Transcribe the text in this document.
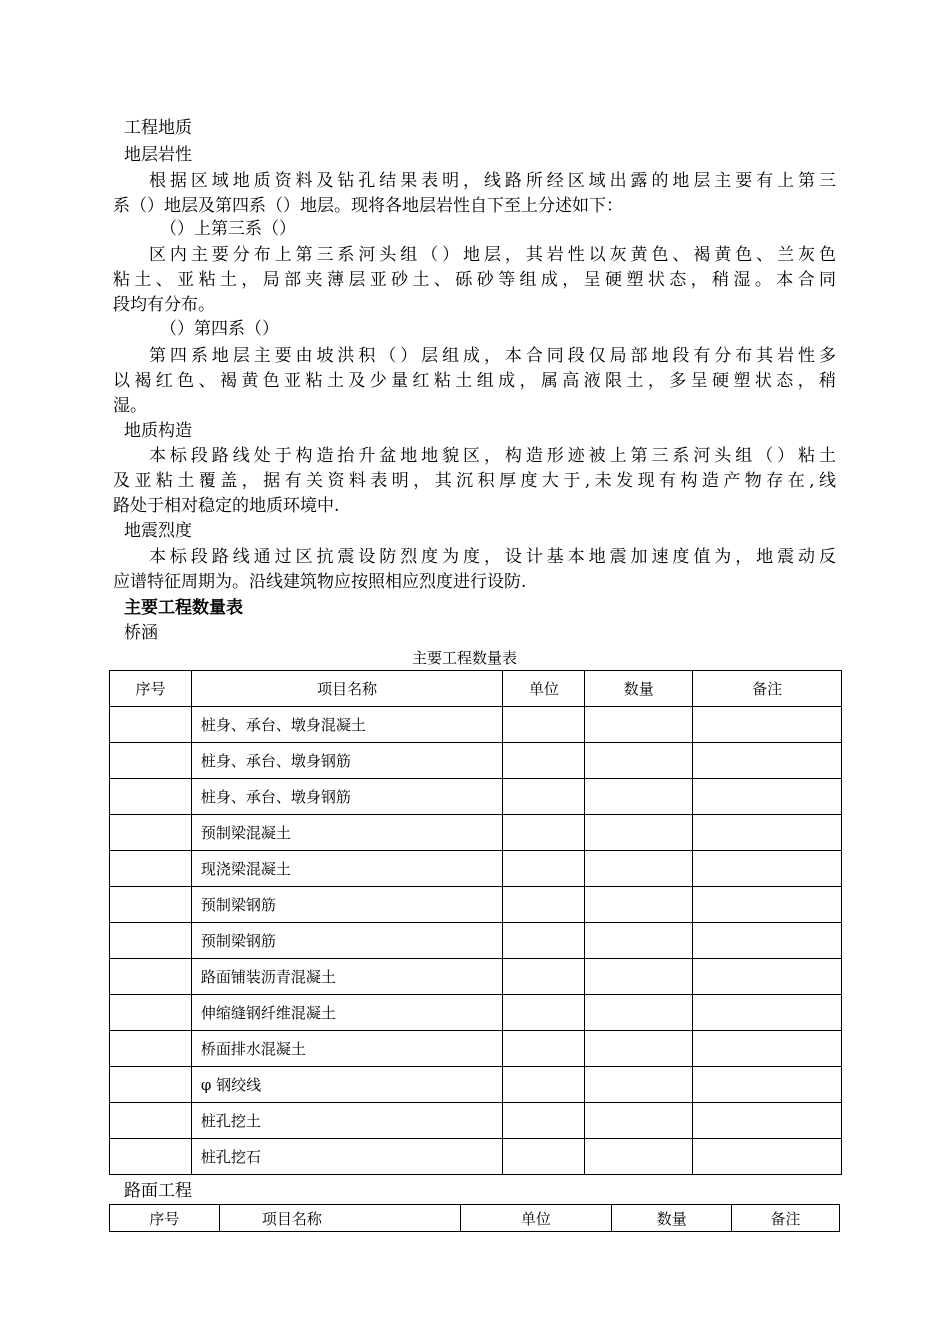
工程地质
地层岩性
根据区域地质资料及钻孔结果表明，线路所经区域出露的地层主要有上第三
系（）地层及第四系（）地层。现将各地层岩性自下至上分述如下：
（）上第三系（）
区内主要分布上第三系河头组（）地层，其岩性以灰黄色、褐黄色、兰灰色
粘土、亚粘土，局部夹薄层亚砂土、砾砂等组成，呈硬塑状态，稍湿。本合同
段均有分布。
（）第四系（）
第四系地层主要由坡洪积（）层组成，本合同段仅局部地段有分布其岩性多
以褐红色、褐黄色亚粘土及少量红粘土组成，属高液限土，多呈硬塑状态，稍
湿。
地质构造
本标段路线处于构造抬升盆地地貌区，构造形迹被上第三系河头组（）粘土
及亚粘土覆盖，据有关资料表明，其沉积厚度大于,未发现有构造产物存在,线
路处于相对稳定的地质环境中.
地震烈度
本标段路线通过区抗震设防烈度为度，设计基本地震加速度值为，地震动反
应谱特征周期为。沿线建筑物应按照相应烈度进行设防.
主要工程数量表
桥涵
主要工程数量表
序号	项目名称	单位	数量	备注
	桩身、承台、墩身混凝土			
	桩身、承台、墩身钢筋			
	桩身、承台、墩身钢筋			
	预制梁混凝土			
	现浇梁混凝土			
	预制梁钢筋			
	预制梁钢筋			
	路面铺装沥青混凝土			
	伸缩缝钢纤维混凝土			
	桥面排水混凝土			
	φ 钢绞线			
	桩孔挖土			
	桩孔挖石			
路面工程
序号	项目名称	单位	数量	备注
